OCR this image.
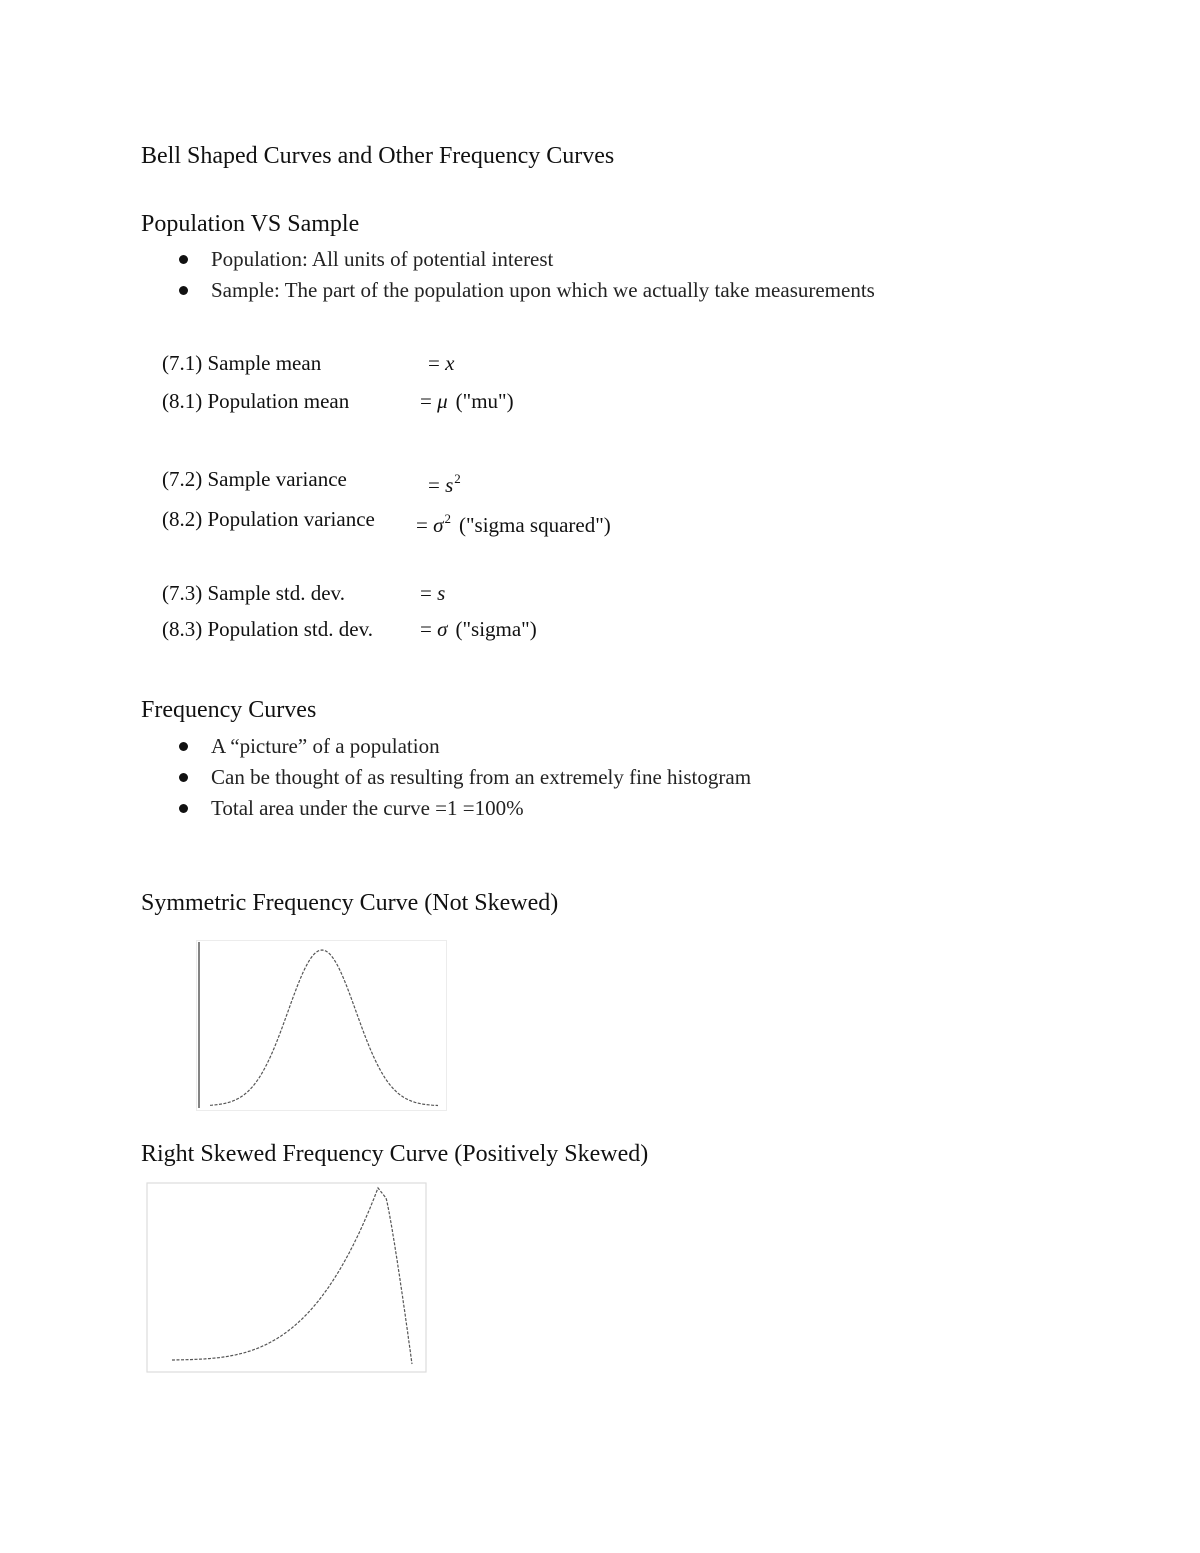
Bell Shaped Curves and Other Frequency Curves
Population VS Sample
Population: All units of potential interest
Sample: The part of the population upon which we actually take measurements
(7.1) Sample mean	= x
(8.1) Population mean	= μ ("mu")
(7.2) Sample variance	= $s^2$
(8.2) Population variance = $\sigma^2$ ("sigma squared")
(7.3) Sample std. dev.	= s
(8.3) Population std. dev. = σ ("sigma")
Frequency Curves
A “picture” of a population
Can be thought of as resulting from an extremely fine histogram
Total area under the curve =1 =100%
Symmetric Frequency Curve (Not Skewed)
Right Skewed Frequency Curve (Positively Skewed)
